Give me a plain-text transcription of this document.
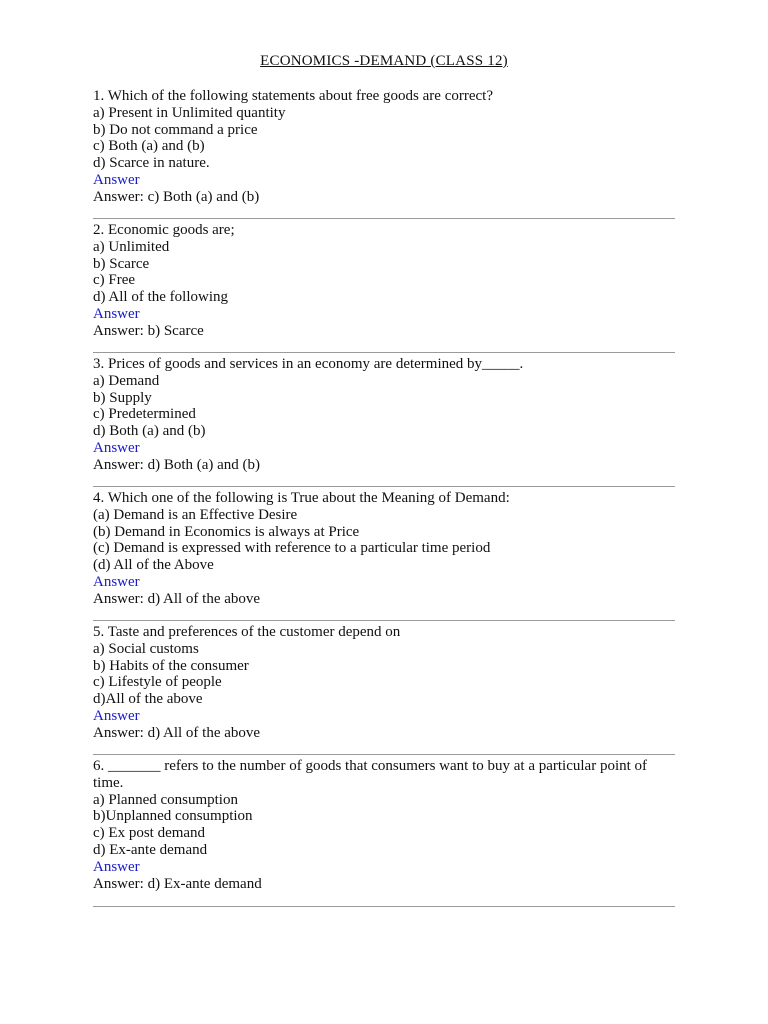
ECONOMICS -DEMAND (CLASS 12)
1. Which of the following statements about free goods are correct?
a) Present in Unlimited quantity
b) Do not command a price
c) Both (a) and (b)
d) Scarce in nature.
Answer
Answer: c) Both (a) and (b)
2. Economic goods are;
a) Unlimited
b) Scarce
c) Free
d) All of the following
Answer
Answer: b) Scarce
3. Prices of goods and services in an economy are determined by_____.
a) Demand
b) Supply
c) Predetermined
d) Both (a) and (b)
Answer
Answer: d) Both (a) and (b)
4. Which one of the following is True about the Meaning of Demand:
(a) Demand is an Effective Desire
(b) Demand in Economics is always at Price
(c) Demand is expressed with reference to a particular time period
(d) All of the Above
Answer
Answer: d) All of the above
5. Taste and preferences of the customer depend on
a) Social customs
b) Habits of the consumer
c) Lifestyle of people
d)All of the above
Answer
Answer: d) All of the above
6. _______ refers to the number of goods that consumers want to buy at a particular point of time.
a) Planned consumption
b)Unplanned consumption
c) Ex post demand
d) Ex-ante demand
Answer
Answer: d) Ex-ante demand
